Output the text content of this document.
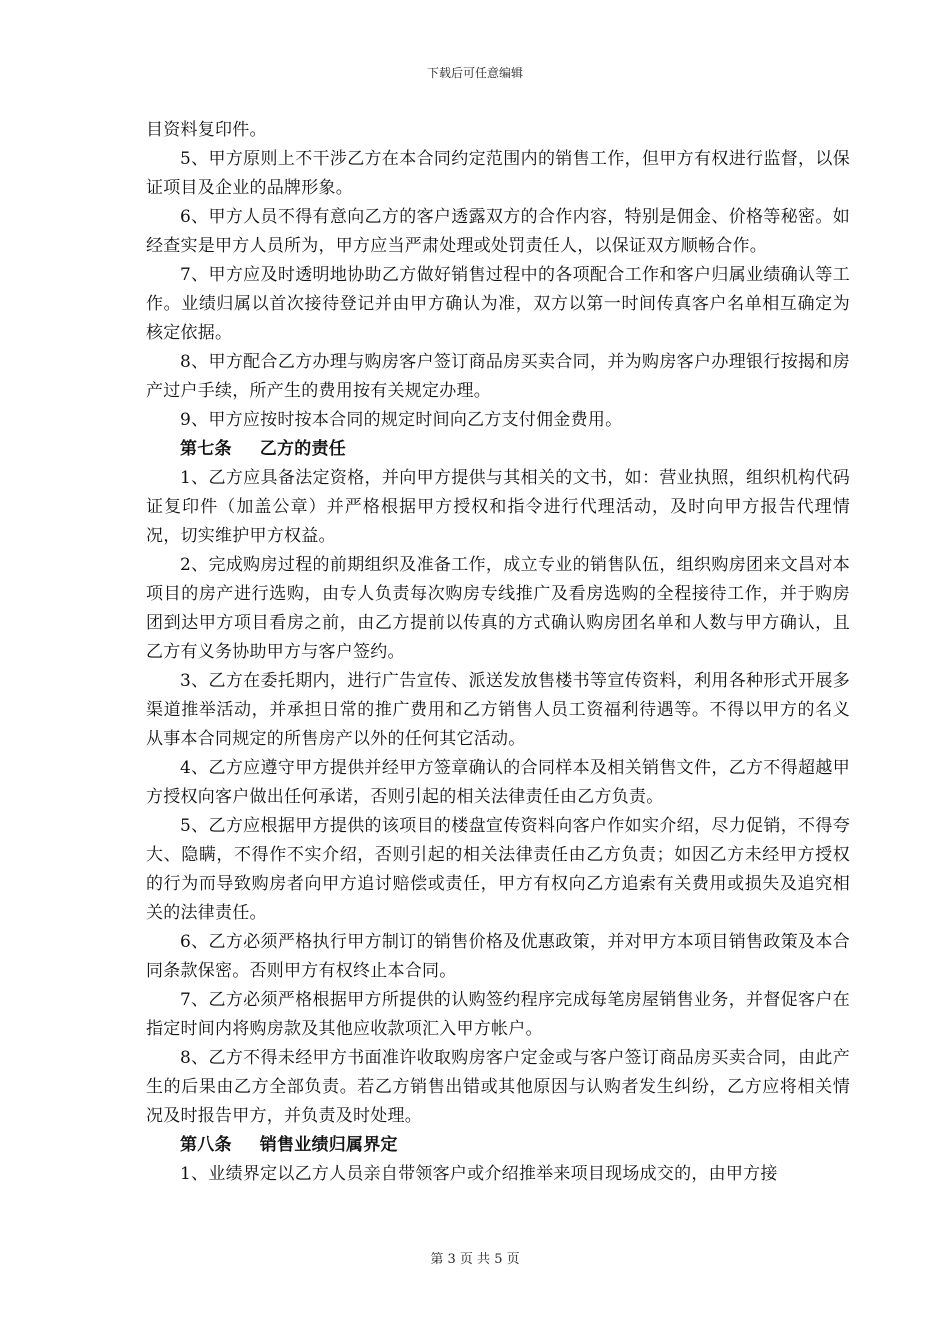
下载后可任意编辑

目资料复印件。

5、甲方原则上不干涉乙方在本合同约定范围内的销售工作，但甲方有权进行监督，以保证项目及企业的品牌形象。

6、甲方人员不得有意向乙方的客户透露双方的合作内容，特别是佣金、价格等秘密。如经查实是甲方人员所为，甲方应当严肃处理或处罚责任人，以保证双方顺畅合作。

7、甲方应及时透明地协助乙方做好销售过程中的各项配合工作和客户归属业绩确认等工作。业绩归属以首次接待登记并由甲方确认为准，双方以第一时间传真客户名单相互确定为核定依据。

8、甲方配合乙方办理与购房客户签订商品房买卖合同，并为购房客户办理银行按揭和房产过户手续，所产生的费用按有关规定办理。

9、甲方应按时按本合同的规定时间向乙方支付佣金费用。

第七条 乙方的责任

1、乙方应具备法定资格，并向甲方提供与其相关的文书，如：营业执照，组织机构代码证复印件（加盖公章）并严格根据甲方授权和指令进行代理活动，及时向甲方报告代理情况，切实维护甲方权益。

2、完成购房过程的前期组织及准备工作，成立专业的销售队伍，组织购房团来文昌对本项目的房产进行选购，由专人负责每次购房专线推广及看房选购的全程接待工作，并于购房团到达甲方项目看房之前，由乙方提前以传真的方式确认购房团名单和人数与甲方确认，且乙方有义务协助甲方与客户签约。

3、乙方在委托期内，进行广告宣传、派送发放售楼书等宣传资料，利用各种形式开展多渠道推举活动，并承担日常的推广费用和乙方销售人员工资福利待遇等。不得以甲方的名义从事本合同规定的所售房产以外的任何其它活动。

4、乙方应遵守甲方提供并经甲方签章确认的合同样本及相关销售文件，乙方不得超越甲方授权向客户做出任何承诺，否则引起的相关法律责任由乙方负责。

5、乙方应根据甲方提供的该项目的楼盘宣传资料向客户作如实介绍，尽力促销，不得夸大、隐瞒，不得作不实介绍，否则引起的相关法律责任由乙方负责；如因乙方未经甲方授权的行为而导致购房者向甲方追讨赔偿或责任，甲方有权向乙方追索有关费用或损失及追究相关的法律责任。

6、乙方必须严格执行甲方制订的销售价格及优惠政策，并对甲方本项目销售政策及本合同条款保密。否则甲方有权终止本合同。

7、乙方必须严格根据甲方所提供的认购签约程序完成每笔房屋销售业务，并督促客户在指定时间内将购房款及其他应收款项汇入甲方帐户。

8、乙方不得未经甲方书面准许收取购房客户定金或与客户签订商品房买卖合同，由此产生的后果由乙方全部负责。若乙方销售出错或其他原因与认购者发生纠纷，乙方应将相关情况及时报告甲方，并负责及时处理。

第八条 销售业绩归属界定

1、业绩界定以乙方人员亲自带领客户或介绍推举来项目现场成交的，由甲方接

第 3 页 共 5 页
